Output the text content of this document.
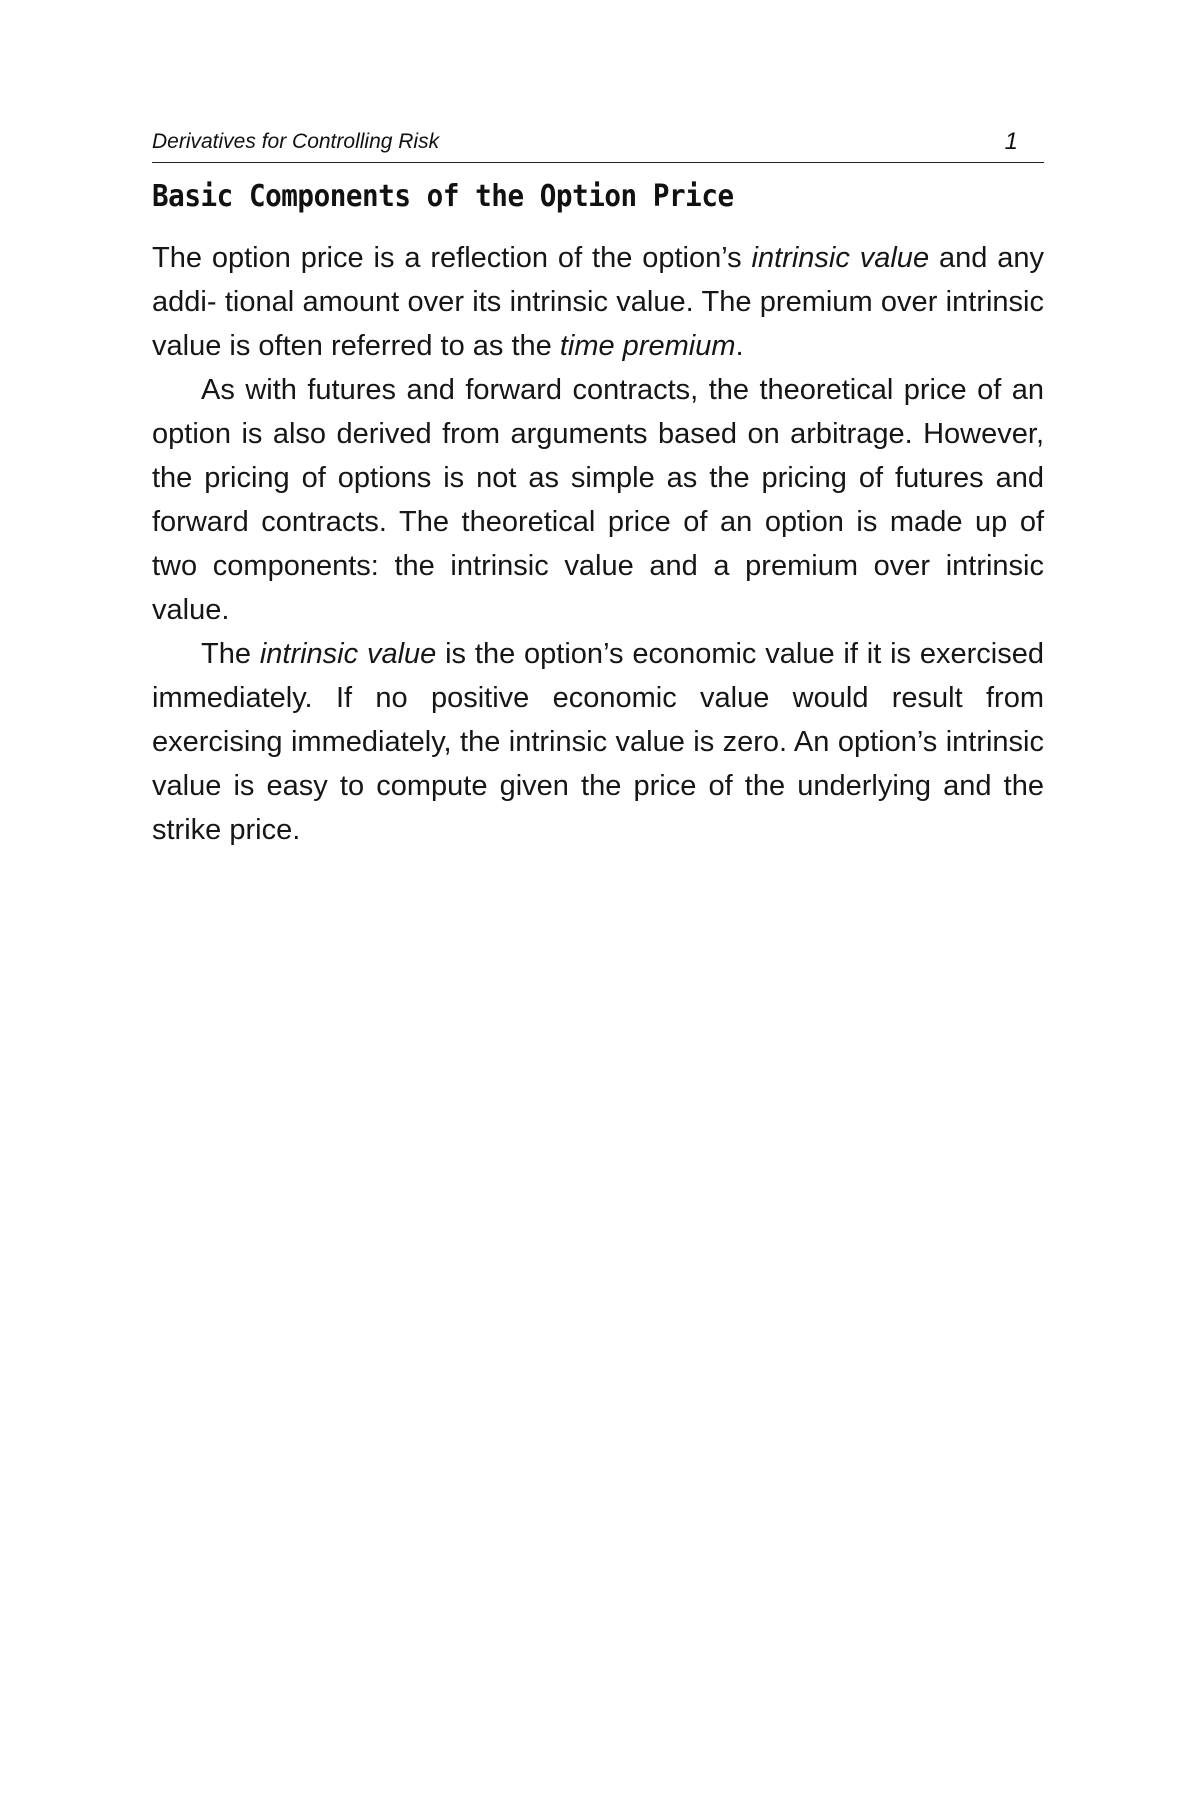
Derivatives for Controlling Risk	1
Basic Components of the Option Price

The option price is a reflection of the option’s intrinsic value and any addi- tional amount over its intrinsic value. The premium over intrinsic value is often referred to as the time premium.

As with futures and forward contracts, the theoretical price of an option is also derived from arguments based on arbitrage. However, the pricing of options is not as simple as the pricing of futures and forward contracts. The theoretical price of an option is made up of two components: the intrinsic value and a premium over intrinsic value.

The intrinsic value is the option’s economic value if it is exercised immediately. If no positive economic value would result from exercising immediately, the intrinsic value is zero. An option’s intrinsic value is easy to compute given the price of the underlying and the strike price.
